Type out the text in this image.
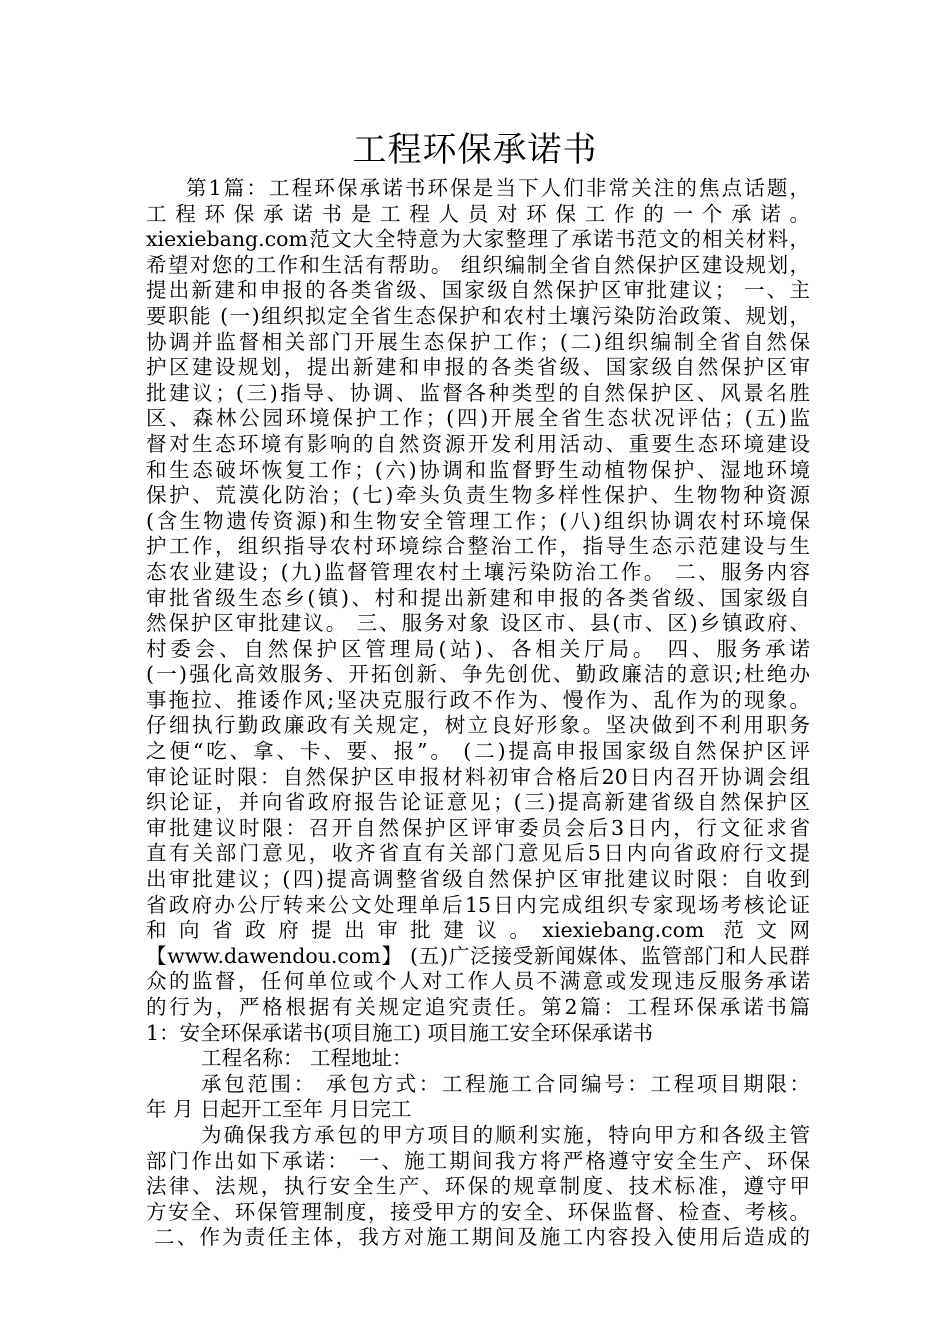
工程环保承诺书
第1篇：工程环保承诺书环保是当下人们非常关注的焦点话题，
工程环保承诺书是工程人员对环保工作的一个承诺。
xiexiebang.com范文大全特意为大家整理了承诺书范文的相关材料，
希望对您的工作和生活有帮助。 组织编制全省自然保护区建设规划，
提出新建和申报的各类省级、国家级自然保护区审批建议； 一、主
要职能 (一)组织拟定全省生态保护和农村土壤污染防治政策、规划，
协调并监督相关部门开展生态保护工作；(二)组织编制全省自然保
护区建设规划，提出新建和申报的各类省级、国家级自然保护区审
批建议；(三)指导、协调、监督各种类型的自然保护区、风景名胜
区、森林公园环境保护工作；(四)开展全省生态状况评估；(五)监
督对生态环境有影响的自然资源开发利用活动、重要生态环境建设
和生态破坏恢复工作；(六)协调和监督野生动植物保护、湿地环境
保护、荒漠化防治；(七)牵头负责生物多样性保护、生物物种资源
(含生物遗传资源)和生物安全管理工作；(八)组织协调农村环境保
护工作，组织指导农村环境综合整治工作，指导生态示范建设与生
态农业建设；(九)监督管理农村土壤污染防治工作。 二、服务内容
审批省级生态乡(镇)、村和提出新建和申报的各类省级、国家级自
然保护区审批建议。 三、服务对象 设区市、县(市、区)乡镇政府、
村委会、自然保护区管理局(站)、各相关厅局。 四、服务承诺
(一)强化高效服务、开拓创新、争先创优、勤政廉洁的意识;杜绝办
事拖拉、推诿作风;坚决克服行政不作为、慢作为、乱作为的现象。
仔细执行勤政廉政有关规定，树立良好形象。坚决做到不利用职务
之便“吃、拿、卡、要、报”。 (二)提高申报国家级自然保护区评
审论证时限：自然保护区申报材料初审合格后20日内召开协调会组
织论证，并向省政府报告论证意见；(三)提高新建省级自然保护区
审批建议时限：召开自然保护区评审委员会后3日内，行文征求省
直有关部门意见，收齐省直有关部门意见后5日内向省政府行文提
出审批建议；(四)提高调整省级自然保护区审批建议时限：自收到
省政府办公厅转来公文处理单后15日内完成组织专家现场考核论证
和向省政府提出审批建议。xiexiebang.com 范文网
【www.dawendou.com】 (五)广泛接受新闻媒体、监管部门和人民群
众的监督，任何单位或个人对工作人员不满意或发现违反服务承诺
的行为，严格根据有关规定追究责任。第2篇：工程环保承诺书篇
1：安全环保承诺书(项目施工) 项目施工安全环保承诺书
工程名称： 工程地址：
承包范围： 承包方式：工程施工合同编号：工程项目期限：
年 月 日起开工至年 月日完工
为确保我方承包的甲方项目的顺利实施，特向甲方和各级主管
部门作出如下承诺： 一、施工期间我方将严格遵守安全生产、环保
法律、法规，执行安全生产、环保的规章制度、技术标准，遵守甲
方安全、环保管理制度，接受甲方的安全、环保监督、检查、考核。
二、作为责任主体，我方对施工期间及施工内容投入使用后造成的
